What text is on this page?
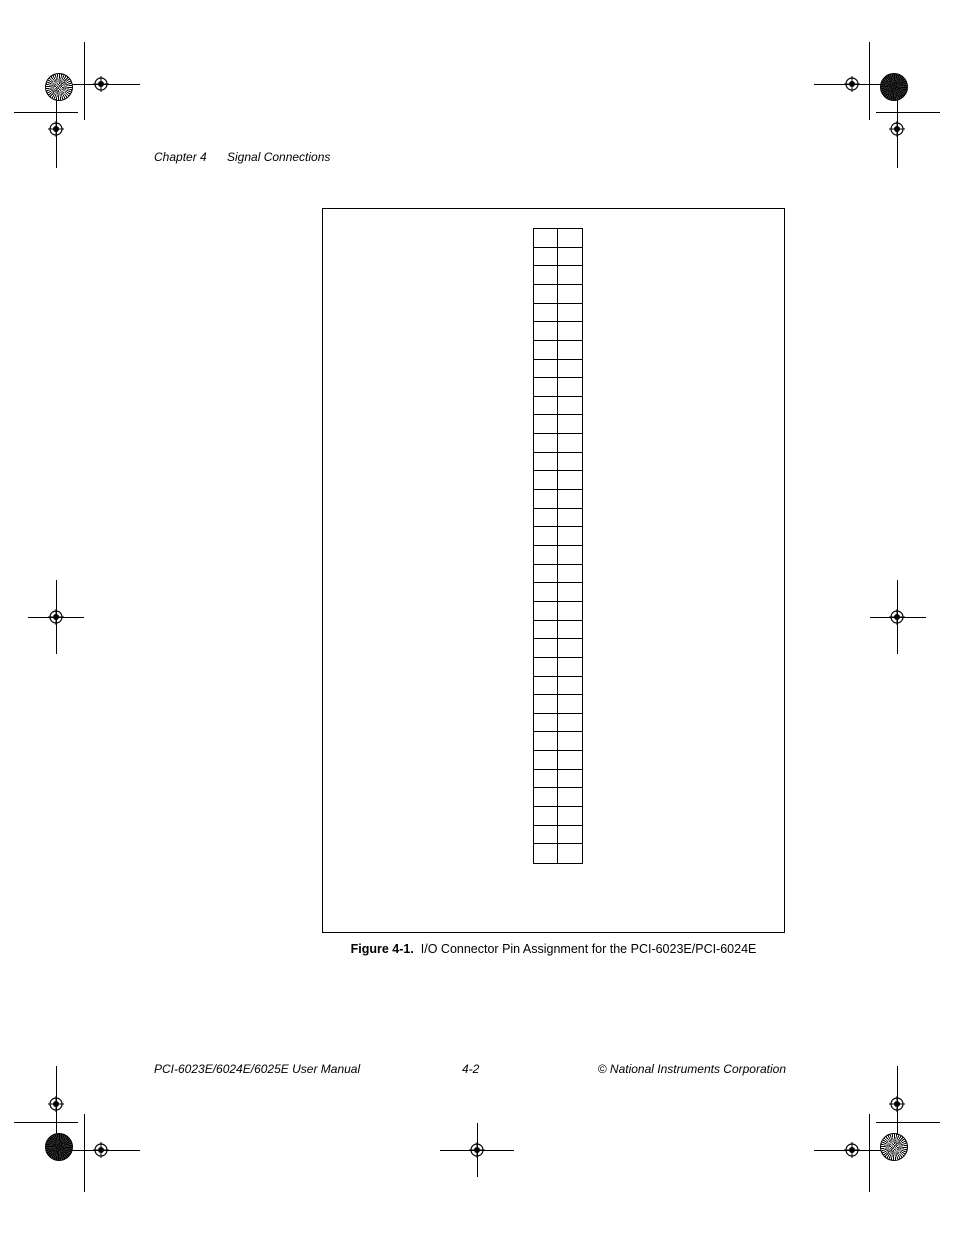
Chapter 4 Signal Connections
Figure 4-1. I/O Connector Pin Assignment for the PCI-6023E/PCI-6024E
PCI-6023E/6024E/6025E User Manual	4-2	© National Instruments Corporation
